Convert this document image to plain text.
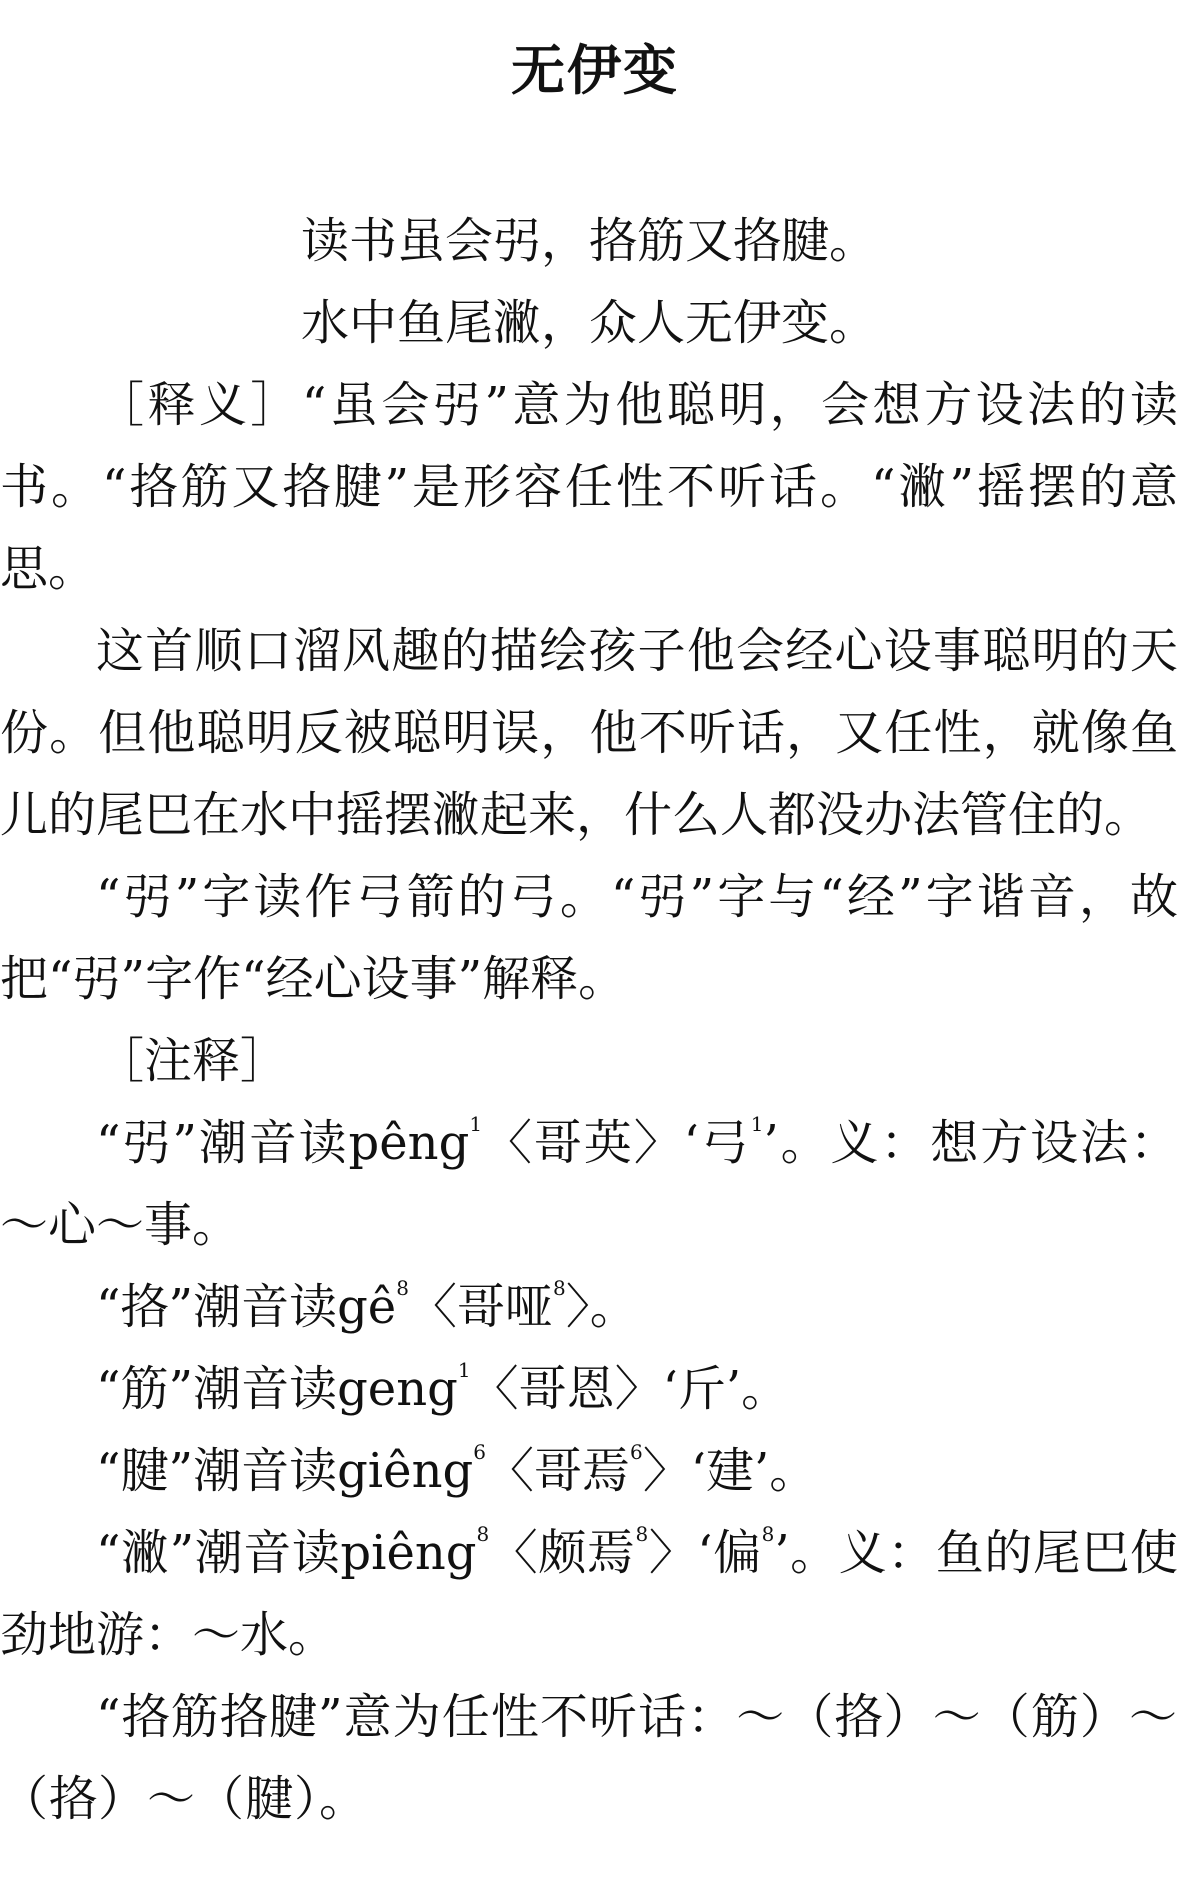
无伊变

读书虽会弜，挌筋又挌腱。

水中鱼尾潎，众人无伊变。

［释义］“虽会弜”意为他聪明，会想方设法的读书。“挌筋又挌腱”是形容任性不听话。“潎”摇摆的意思。

这首顺口溜风趣的描绘孩子他会经心设事聪明的天份。但他聪明反被聪明误，他不听话，又任性，就像鱼儿的尾巴在水中摇摆潎起来，什么人都没办法管住的。

“弜”字读作弓箭的弓。“弜”字与“经”字谐音，故把“弜”字作“经心设事”解释。

［注释］

“弜”潮音读pêng$^1$〈哥英〉‘弓$^1$’。义：想方设法：～心～事。

“挌”潮音读$gê^8$〈哥哑$^8$〉。

“筋”潮音读geng$^1$〈哥恩〉‘斤’。

“腱”潮音读giêng$^6$〈哥焉$^6$〉‘建’。

“潎”潮音读piêng$^8$〈颇焉$^8$〉‘偏$^8$’。义：鱼的尾巴使劲地游：～水。

“挌筋挌腱”意为任性不听话：～（挌）～（筋）～（挌）～（腱）。
